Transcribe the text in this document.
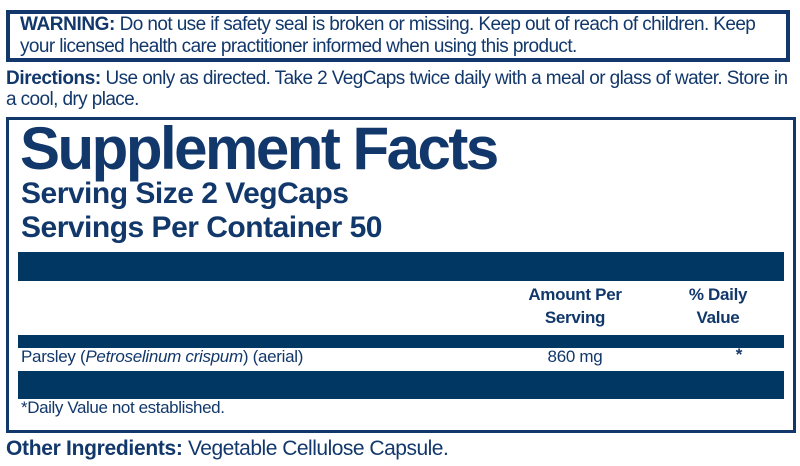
WARNING: Do not use if safety seal is broken or missing. Keep out of reach of children. Keep your licensed health care practitioner informed when using this product.
Directions: Use only as directed. Take 2 VegCaps twice daily with a meal or glass of water. Store in a cool, dry place.
Supplement Facts
Serving Size 2 VegCaps
Servings Per Container 50
Amount Per
Serving
% Daily
Value
Parsley (Petroselinum crispum) (aerial)	860 mg	*
*Daily Value not established.
Other Ingredients: Vegetable Cellulose Capsule.
